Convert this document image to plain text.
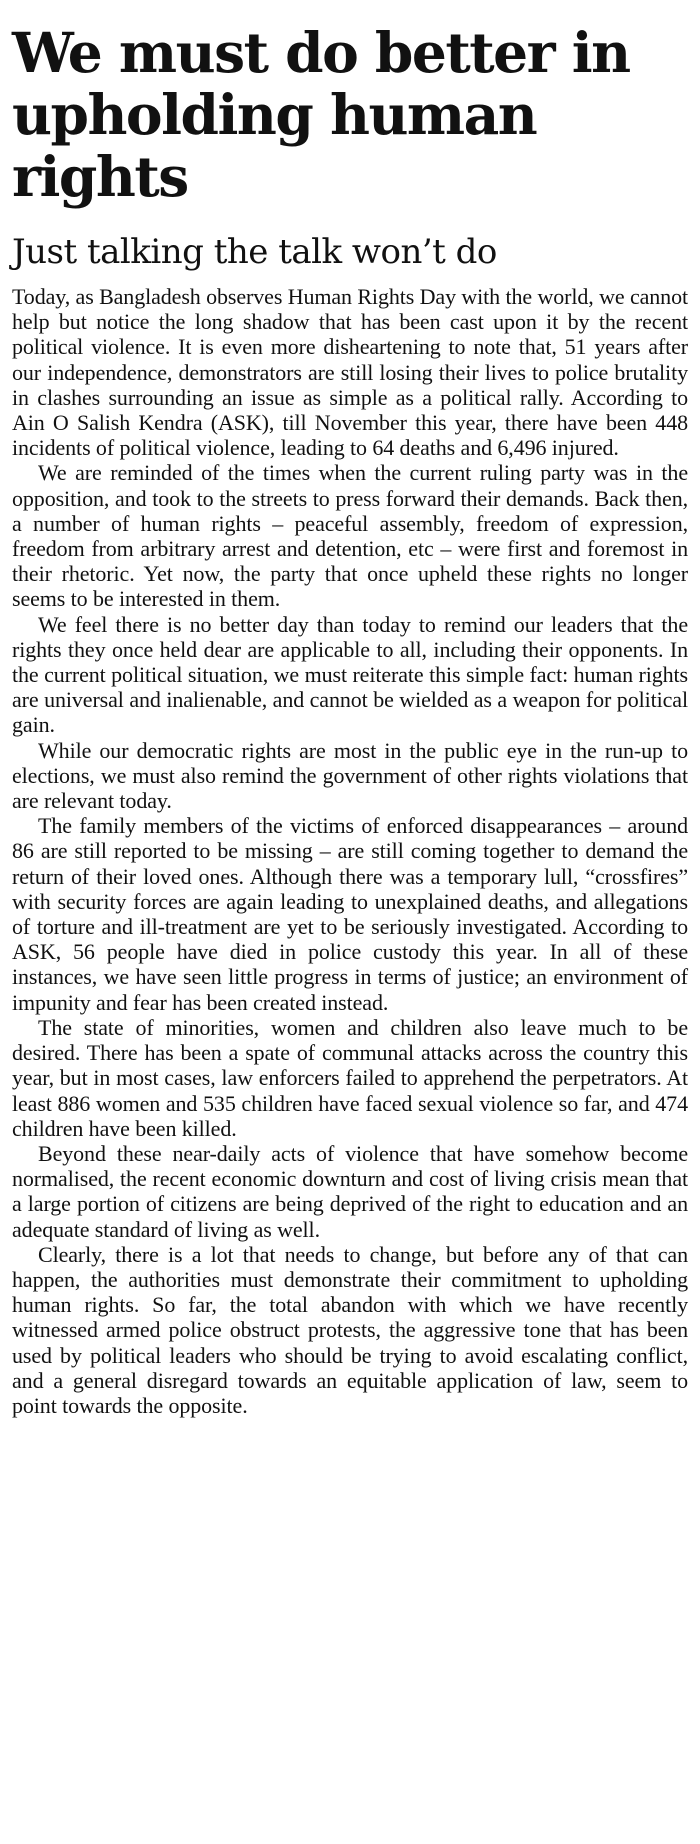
We must do better in upholding human rights
Just talking the talk won’t do

Today, as Bangladesh observes Human Rights Day with the world, we cannot help but notice the long shadow that has been cast upon it by the recent political violence. It is even more disheartening to note that, 51 years after our independence, demonstrators are still losing their lives to police brutality in clashes surrounding an issue as simple as a political rally. According to Ain O Salish Kendra (ASK), till November this year, there have been 448 incidents of political violence, leading to 64 deaths and 6,496 injured.

We are reminded of the times when the current ruling party was in the opposition, and took to the streets to press forward their demands. Back then, a number of human rights – peaceful assembly, freedom of expression, freedom from arbitrary arrest and detention, etc – were first and foremost in their rhetoric. Yet now, the party that once upheld these rights no longer seems to be interested in them.

We feel there is no better day than today to remind our leaders that the rights they once held dear are applicable to all, including their opponents. In the current political situation, we must reiterate this simple fact: human rights are universal and inalienable, and cannot be wielded as a weapon for political gain.

While our democratic rights are most in the public eye in the run-up to elections, we must also remind the government of other rights violations that are relevant today.

The family members of the victims of enforced disappearances – around 86 are still reported to be missing – are still coming together to demand the return of their loved ones. Although there was a temporary lull, “crossfires” with security forces are again leading to unexplained deaths, and allegations of torture and ill-treatment are yet to be seriously investigated. According to ASK, 56 people have died in police custody this year. In all of these instances, we have seen little progress in terms of justice; an environment of impunity and fear has been created instead.

The state of minorities, women and children also leave much to be desired. There has been a spate of communal attacks across the country this year, but in most cases, law enforcers failed to apprehend the perpetrators. At least 886 women and 535 children have faced sexual violence so far, and 474 children have been killed.

Beyond these near-daily acts of violence that have somehow become normalised, the recent economic downturn and cost of living crisis mean that a large portion of citizens are being deprived of the right to education and an adequate standard of living as well.

Clearly, there is a lot that needs to change, but before any of that can happen, the authorities must demonstrate their commitment to upholding human rights. So far, the total abandon with which we have recently witnessed armed police obstruct protests, the aggressive tone that has been used by political leaders who should be trying to avoid escalating conflict, and a general disregard towards an equitable application of law, seem to point towards the opposite.
